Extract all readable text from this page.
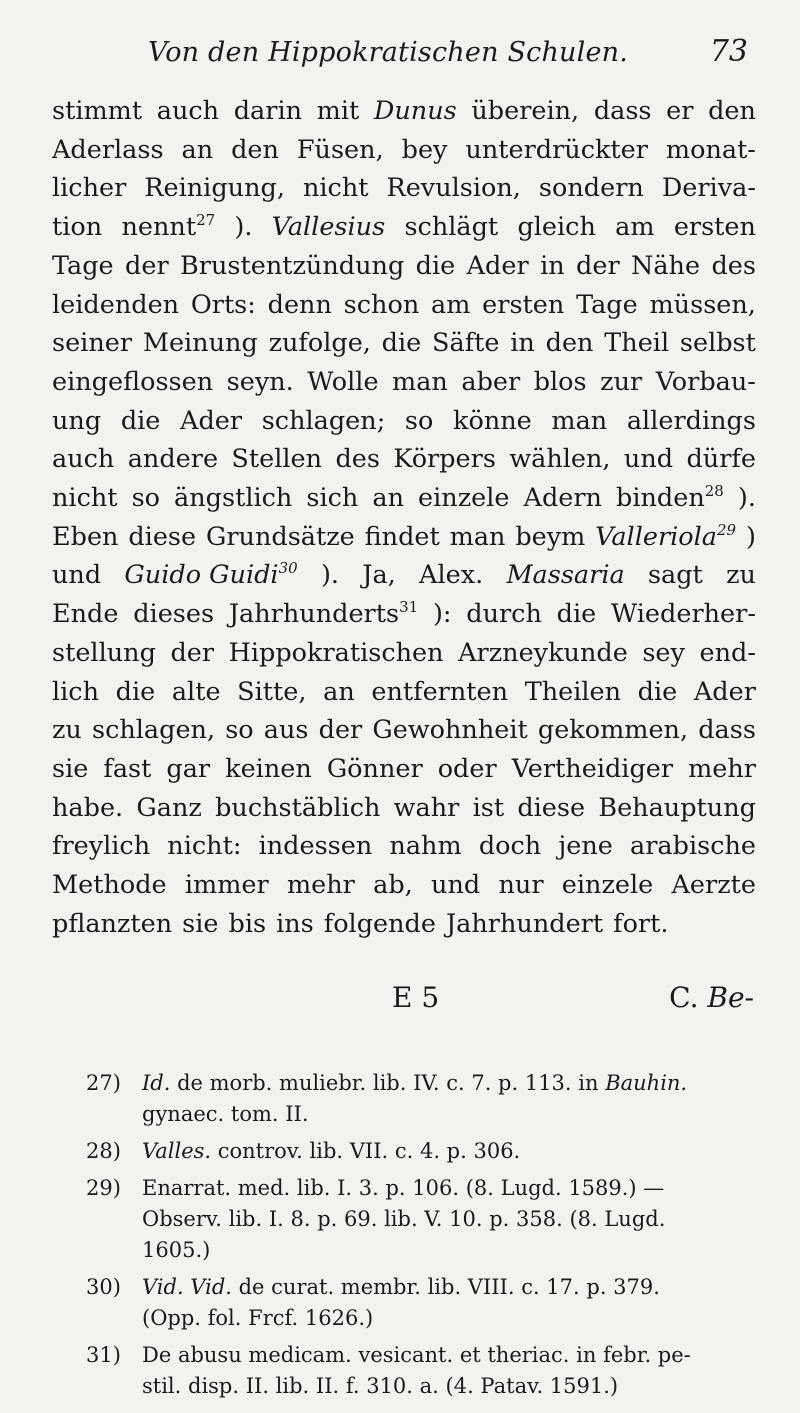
Von den Hippokratischen Schulen.	73
stimmt auch darin mit Dunus überein, dass er den
Aderlass an den Füsen, bey unterdrückter monat-
licher Reinigung, nicht Revulsion, sondern Deriva-
tion nennt$^{27}$ ). Vallesius schlägt gleich am ersten
Tage der Brustentzündung die Ader in der Nähe des
leidenden Orts: denn schon am ersten Tage müssen,
seiner Meinung zufolge, die Säfte in den Theil selbst
eingeflossen seyn. Wolle man aber blos zur Vorbau-
ung die Ader schlagen; so könne man allerdings
auch andere Stellen des Körpers wählen, und dürfe
nicht so ängstlich sich an einzele Adern binden$^{28}$ ).
Eben diese Grundsätze findet man beym Valleriola$^{29}$ )
und Guido Guidi$^{30}$ ). Ja, Alex. Massaria sagt zu
Ende dieses Jahrhunderts$^{31}$ ): durch die Wiederher-
stellung der Hippokratischen Arzneykunde sey end-
lich die alte Sitte, an entfernten Theilen die Ader
zu schlagen, so aus der Gewohnheit gekommen, dass
sie fast gar keinen Gönner oder Vertheidiger mehr
habe. Ganz buchstäblich wahr ist diese Behauptung
freylich nicht: indessen nahm doch jene arabische
Methode immer mehr ab, und nur einzele Aerzte
pflanzten sie bis ins folgende Jahrhundert fort.
E 5	C. Be-
27)	Id. de morb. muliebr. lib. IV. c. 7. p. 113. in Bauhin.
gynaec. tom. II.
28)	Valles. controv. lib. VII. c. 4. p. 306.
29)	Enarrat. med. lib. I. 3. p. 106. (8. Lugd. 1589.) —
Observ. lib. I. 8. p. 69. lib. V. 10. p. 358. (8. Lugd.
1605.)
30)	Vid. Vid. de curat. membr. lib. VIII. c. 17. p. 379.
(Opp. fol. Frcf. 1626.)
31)	De abusu medicam. vesicant. et theriac. in febr. pe-
stil. disp. II. lib. II. f. 310. a. (4. Patav. 1591.)
